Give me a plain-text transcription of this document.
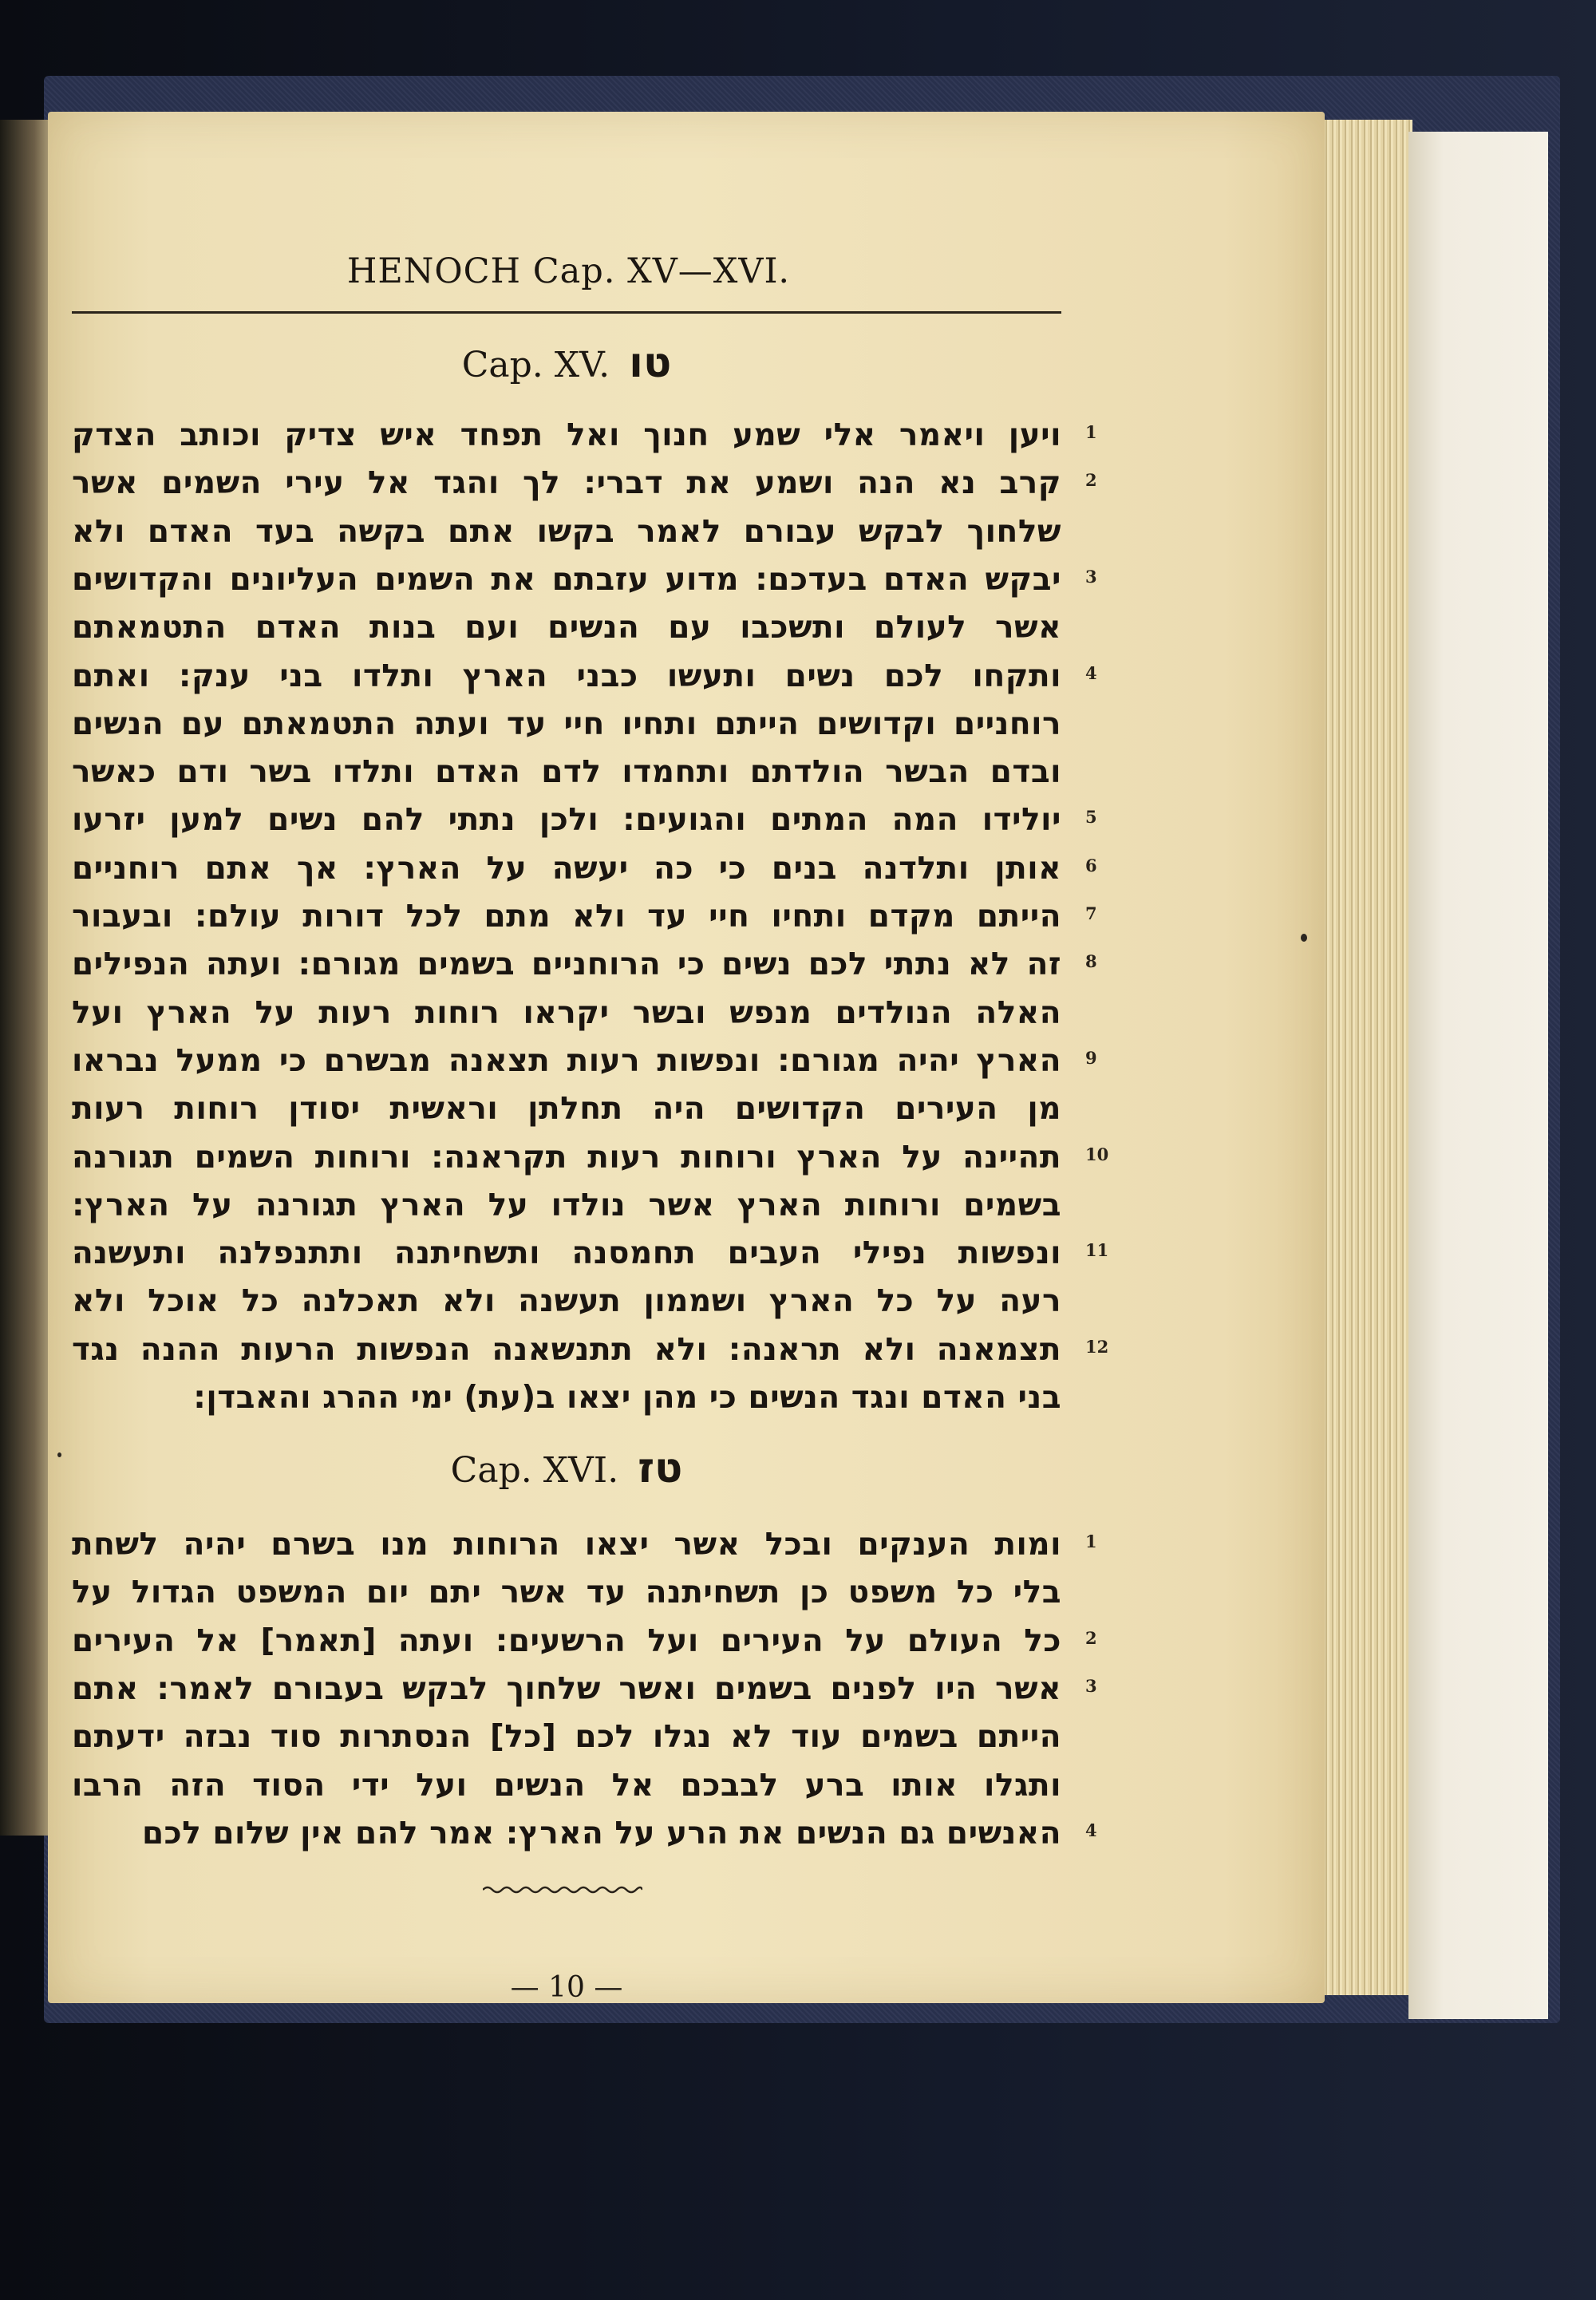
HENOCH Cap. XV—XVI.
Cap. XV. טו
ויען ויאמר אלי שמע חנוך ואל תפחד איש צדיק וכותב הצדק 1
קרב נא הנה ושמע את דברי: לך והגד אל עירי השמים אשר 2
שלחוך לבקש עבורם לאמר בקשו אתם בקשה בעד האדם ולא
יבקש האדם בעדכם: מדוע עזבתם את השמים העליונים והקדושים 3
אשר לעולם ותשכבו עם הנשים ועם בנות האדם התטמאתם
ותקחו לכם נשים ותעשו כבני הארץ ותלדו בני ענק: ואתם 4
רוחניים וקדושים הייתם ותחיו חיי עד ועתה התטמאתם עם הנשים
ובדם הבשר הולדתם ותחמדו לדם האדם ותלדו בשר ודם כאשר
יולידו המה המתים והגועים: ולכן נתתי להם נשים למען יזרעו 5
אותן ותלדנה בנים כי כה יעשה על הארץ: אך אתם רוחניים 6
הייתם מקדם ותחיו חיי עד ולא מתם לכל דורות עולם: ובעבור 7
זה לא נתתי לכם נשים כי הרוחניים בשמים מגורם: ועתה הנפילים 8
האלה הנולדים מנפש ובשר יקראו רוחות רעות על הארץ ועל
הארץ יהיה מגורם: ונפשות רעות תצאנה מבשרם כי ממעל נבראו 9
מן העירים הקדושים היה תחלתן וראשית יסודן רוחות רעות
תהיינה על הארץ ורוחות רעות תקראנה: ורוחות השמים תגורנה 10
בשמים ורוחות הארץ אשר נולדו על הארץ תגורנה על הארץ:
ונפשות נפילי העבים תחמסנה ותשחיתנה ותתנפלנה ותעשנה 11
רעה על כל הארץ ושממון תעשנה ולא תאכלנה כל אוכל ולא
תצמאנה ולא תראנה: ולא תתנשאנה הנפשות הרעות ההנה נגד 12
בני האדם ונגד הנשים כי מהן יצאו ב(עת) ימי ההרג והאבדן:
Cap. XVI. טז
ומות הענקים ובכל אשר יצאו הרוחות מנו בשרם יהיה לשחת 1
בלי כל משפט כן תשחיתנה עד אשר יתם יום המשפט הגדול על
כל העולם על העירים ועל הרשעים: ועתה [תאמר] אל העירים 2
אשר היו לפנים בשמים ואשר שלחוך לבקש בעבורם לאמר: אתם 3
הייתם בשמים עוד לא נגלו לכם [כל] הנסתרות סוד נבזה ידעתם
ותגלו אותו ברע לבבכם אל הנשים ועל ידי הסוד הזה הרבו
האנשים גם הנשים את הרע על הארץ: אמר להם אין שלום לכם 4
— 10 —
